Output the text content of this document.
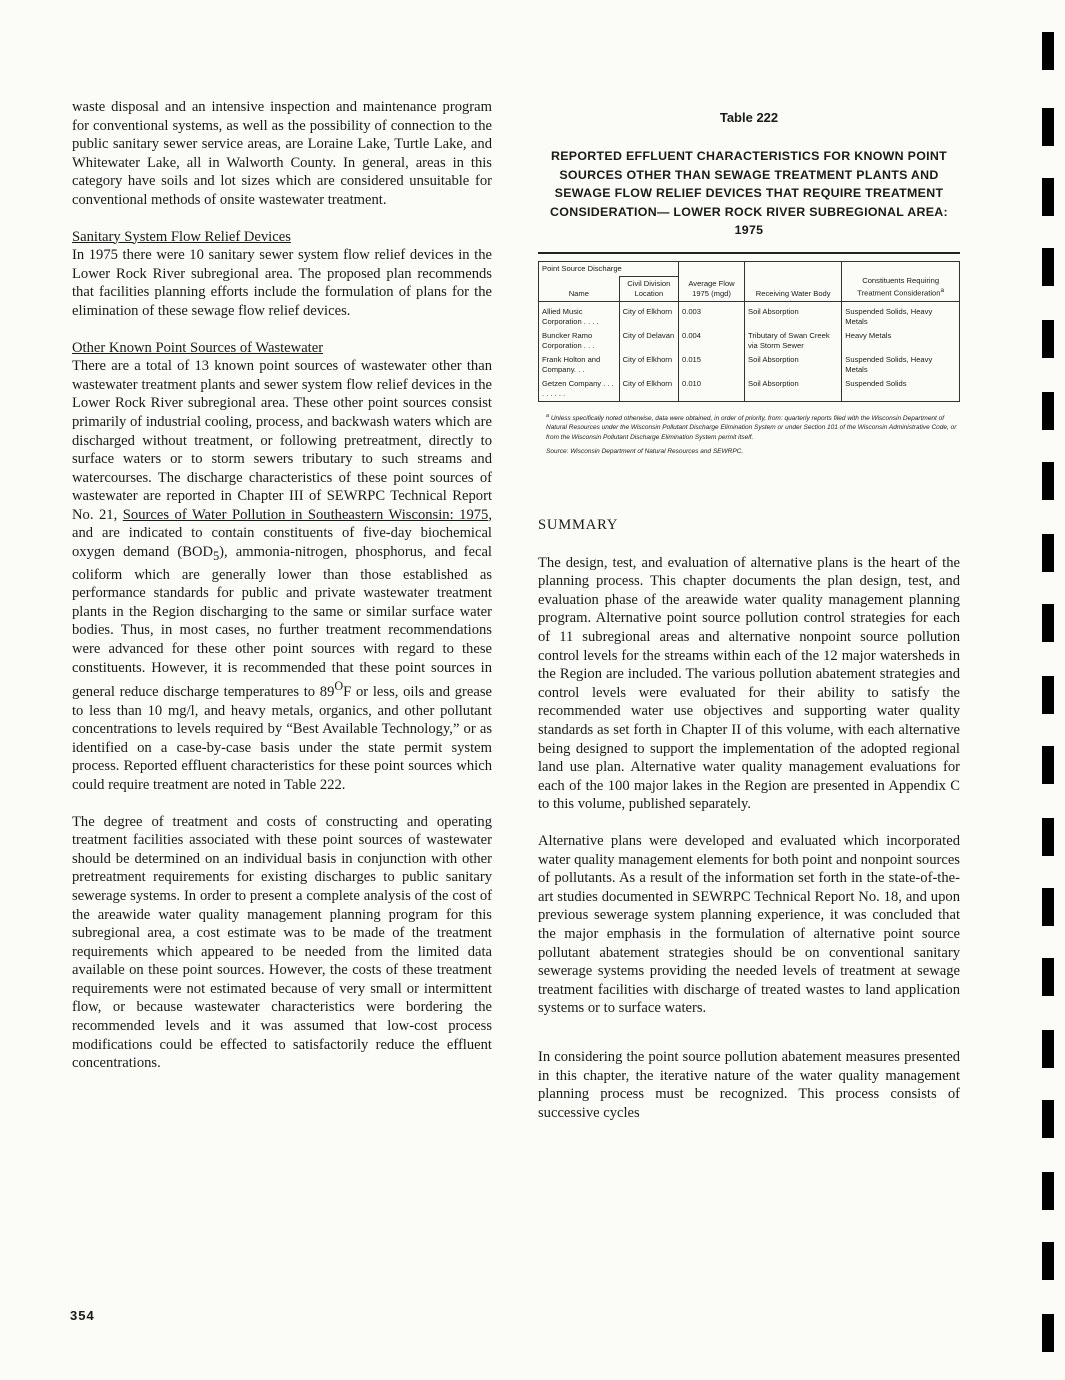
waste disposal and an intensive inspection and maintenance program for conventional systems, as well as the possibility of connection to the public sanitary sewer service areas, are Loraine Lake, Turtle Lake, and Whitewater Lake, all in Walworth County. In general, areas in this category have soils and lot sizes which are considered unsuitable for conventional methods of onsite wastewater treatment.

Sanitary System Flow Relief Devices

In 1975 there were 10 sanitary sewer system flow relief devices in the Lower Rock River subregional area. The proposed plan recommends that facilities planning efforts include the formulation of plans for the elimination of these sewage flow relief devices.

Other Known Point Sources of Wastewater

There are a total of 13 known point sources of wastewater other than wastewater treatment plants and sewer system flow relief devices in the Lower Rock River subregional area. These other point sources consist primarily of industrial cooling, process, and backwash waters which are discharged without treatment, or following pretreatment, directly to surface waters or to storm sewers tributary to such streams and watercourses. The discharge characteristics of these point sources of wastewater are reported in Chapter III of SEWRPC Technical Report No. 21, Sources of Water Pollution in Southeastern Wisconsin: 1975, and are indicated to contain constituents of five-day biochemical oxygen demand $(BOD_5)$, ammonia-nitrogen, phosphorus, and fecal coliform which are generally lower than those established as performance standards for public and private wastewater treatment plants in the Region discharging to the same or similar surface water bodies. Thus, in most cases, no further treatment recommendations were advanced for these other point sources with regard to these constituents. However, it is recommended that these point sources in general reduce discharge temperatures to $89^OF$ or less, oils and grease to less than 10 mg/l, and heavy metals, organics, and other pollutant concentrations to levels required by “Best Available Technology,” or as identified on a case-by-case basis under the state permit system process. Reported effluent characteristics for these point sources which could require treatment are noted in Table 222.

The degree of treatment and costs of constructing and operating treatment facilities associated with these point sources of wastewater should be determined on an individual basis in conjunction with other pretreatment requirements for existing discharges to public sanitary sewerage systems. In order to present a complete analysis of the cost of the areawide water quality management planning program for this subregional area, a cost estimate was to be made of the treatment requirements which appeared to be needed from the limited data available on these point sources. However, the costs of these treatment requirements were not estimated because of very small or intermittent flow, or because wastewater characteristics were bordering the recommended levels and it was assumed that low-cost process modifications could be effected to satisfactorily reduce the effluent concentrations.

Table 222
REPORTED EFFLUENT CHARACTERISTICS FOR KNOWN POINT SOURCES OTHER THAN SEWAGE TREATMENT PLANTS AND SEWAGE FLOW RELIEF DEVICES THAT REQUIRE TREATMENT CONSIDERATION— LOWER ROCK RIVER SUBREGIONAL AREA: 1975
Point Source Discharge		Average Flow 1975 (mgd)	Receiving Water Body	Constituents Requiring Treatment Consideration$^a$
Name	Civil Division Location			
Allied Music Corporation . . . .	City of Elkhorn	0.003	Soil Absorption	Suspended Solids, Heavy Metals
Buncker Ramo Corporation . . .	City of Delavan	0.004	Tributary of Swan Creek via Storm Sewer	Heavy Metals
Frank Holton and Company. . .	City of Elkhorn	0.015	Soil Absorption	Suspended Solids, Heavy Metals
Getzen Company . . . . . . . . .	City of Elkhorn	0.010	Soil Absorption	Suspended Solids
$^a$ Unless specifically noted otherwise, data were obtained, in order of priority, from: quarterly reports filed with the Wisconsin Department of Natural Resources under the Wisconsin Pollutant Discharge Elimination System or under Section 101 of the Wisconsin Administrative Code, or from the Wisconsin Pollutant Discharge Elimination System permit itself.
Source: Wisconsin Department of Natural Resources and SEWRPC.
SUMMARY

The design, test, and evaluation of alternative plans is the heart of the planning process. This chapter documents the plan design, test, and evaluation phase of the areawide water quality management planning program. Alternative point source pollution control strategies for each of 11 subregional areas and alternative nonpoint source pollution control levels for the streams within each of the 12 major watersheds in the Region are included. The various pollution abatement strategies and control levels were evaluated for their ability to satisfy the recommended water use objectives and supporting water quality standards as set forth in Chapter II of this volume, with each alternative being designed to support the implementation of the adopted regional land use plan. Alternative water quality management evaluations for each of the 100 major lakes in the Region are presented in Appendix C to this volume, published separately.

Alternative plans were developed and evaluated which incorporated water quality management elements for both point and nonpoint sources of pollutants. As a result of the information set forth in the state-of-the-art studies documented in SEWRPC Technical Report No. 18, and upon previous sewerage system planning experience, it was concluded that the major emphasis in the formulation of alternative point source pollutant abatement strategies should be on conventional sanitary sewerage systems providing the needed levels of treatment at sewage treatment facilities with discharge of treated wastes to land application systems or to surface waters.

In considering the point source pollution abatement measures presented in this chapter, the iterative nature of the water quality management planning process must be recognized. This process consists of successive cycles

354
